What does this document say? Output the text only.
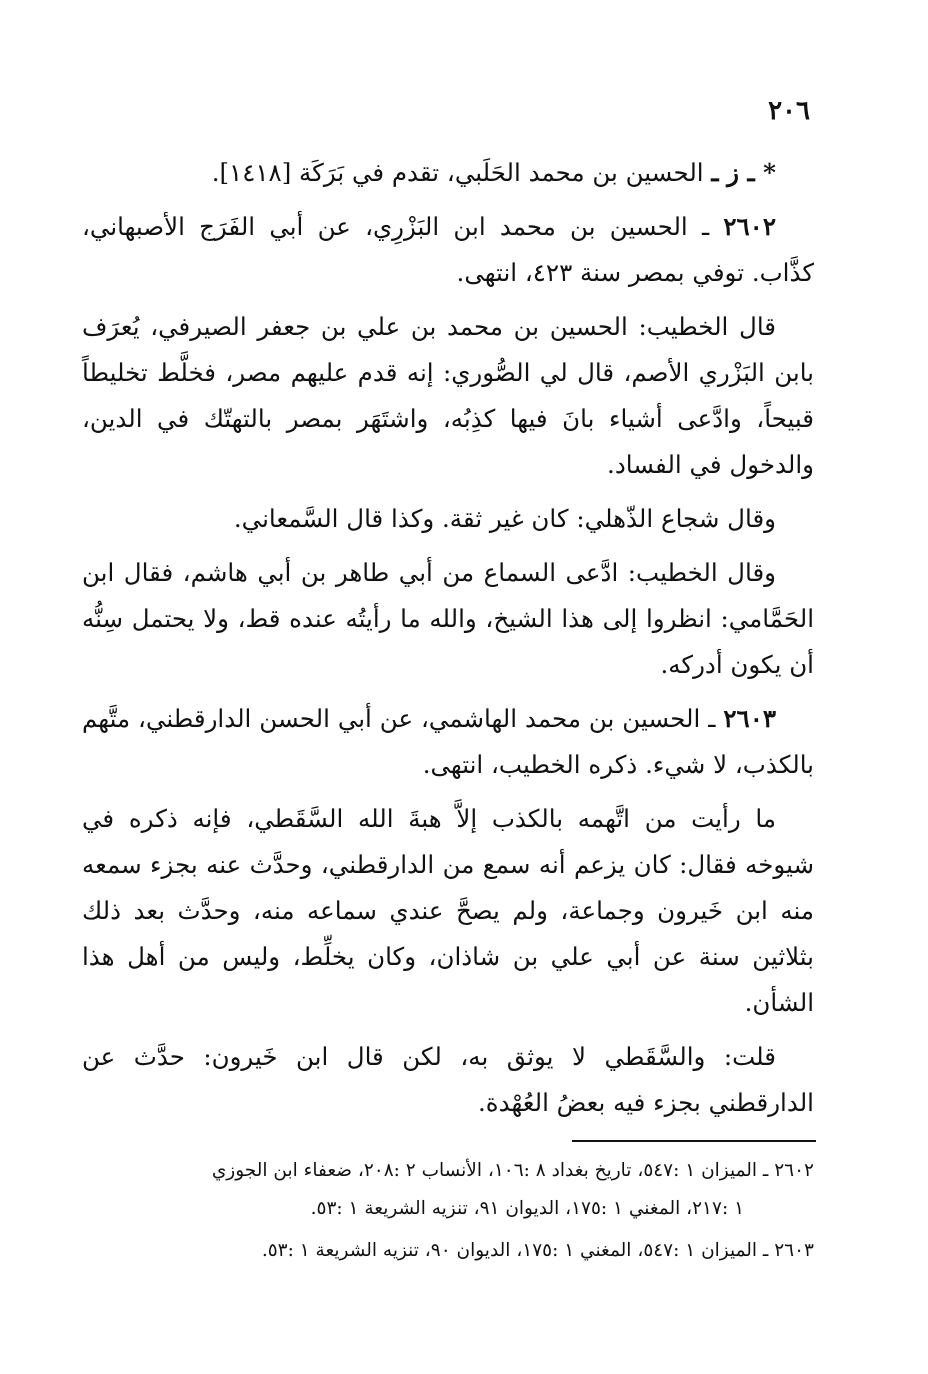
٢٠٦

* ـ ز ـ الحسين بن محمد الحَلَبي، تقدم في بَرَكَة [١٤١٨].

٢٦٠٢ ـ الحسين بن محمد ابن البَزْرِي، عن أبي الفَرَج الأصبهاني، كذَّاب. توفي بمصر سنة ٤٢٣، انتهى.

قال الخطيب: الحسين بن محمد بن علي بن جعفر الصيرفي، يُعرَف بابن البَزْري الأصم، قال لي الصُّوري: إنه قدم عليهم مصر، فخلَّط تخليطاً قبيحاً، وادَّعى أشياء بانَ فيها كذِبُه، واشتَهَر بمصر بالتهتّك في الدين، والدخول في الفساد.

وقال شجاع الذّهلي: كان غير ثقة. وكذا قال السَّمعاني.

وقال الخطيب: ادَّعى السماع من أبي طاهر بن أبي هاشم، فقال ابن الحَمَّامي: انظروا إلى هذا الشيخ، والله ما رأيتُه عنده قط، ولا يحتمل سِنُّه أن يكون أدركه.

٢٦٠٣ ـ الحسين بن محمد الهاشمي، عن أبي الحسن الدارقطني، متَّهم بالكذب، لا شيء. ذكره الخطيب، انتهى.

ما رأيت من اتَّهمه بالكذب إلاَّ هبةَ الله السَّقَطي، فإنه ذكره في شيوخه فقال: كان يزعم أنه سمع من الدارقطني، وحدَّث عنه بجزء سمعه منه ابن خَيرون وجماعة، ولم يصحَّ عندي سماعه منه، وحدَّث بعد ذلك بثلاثين سنة عن أبي علي بن شاذان، وكان يخلِّط، وليس من أهل هذا الشأن.

قلت: والسَّقَطي لا يوثق به، لكن قال ابن خَيرون: حدَّث عن الدارقطني بجزء فيه بعضُ العُهْدة.

٢٦٠٢ ـ الميزان ١ :٥٤٧، تاريخ بغداد ٨ :١٠٦، الأنساب ٢ :٢٠٨، ضعفاء ابن الجوزي
١ :٢١٧، المغني ١ :١٧٥، الديوان ٩١، تنزيه الشريعة ١ :٥٣.

٢٦٠٣ ـ الميزان ١ :٥٤٧، المغني ١ :١٧٥، الديوان ٩٠، تنزيه الشريعة ١ :٥٣.
